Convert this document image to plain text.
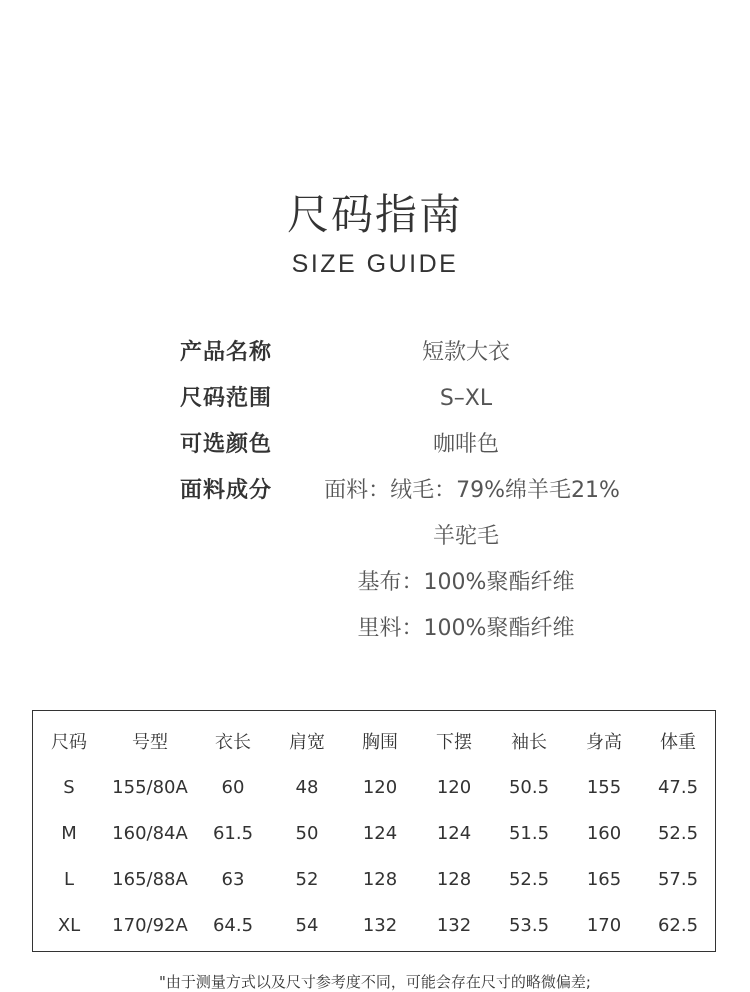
尺码指南
SIZE GUIDE
产品名称	短款大衣
尺码范围	S–XL
可选颜色	咖啡色
面料成分	面料：绒毛：79%绵羊毛21%
羊驼毛
基布：100%聚酯纤维
里料：100%聚酯纤维
尺码	号型	衣长	肩宽	胸围	下摆	袖长	身高	体重
S	155/80A	60	48	120	120	50.5	155	47.5
M	160/84A	61.5	50	124	124	51.5	160	52.5
L	165/88A	63	52	128	128	52.5	165	57.5
XL	170/92A	64.5	54	132	132	53.5	170	62.5
"由于测量方式以及尺寸参考度不同，可能会存在尺寸的略微偏差;
